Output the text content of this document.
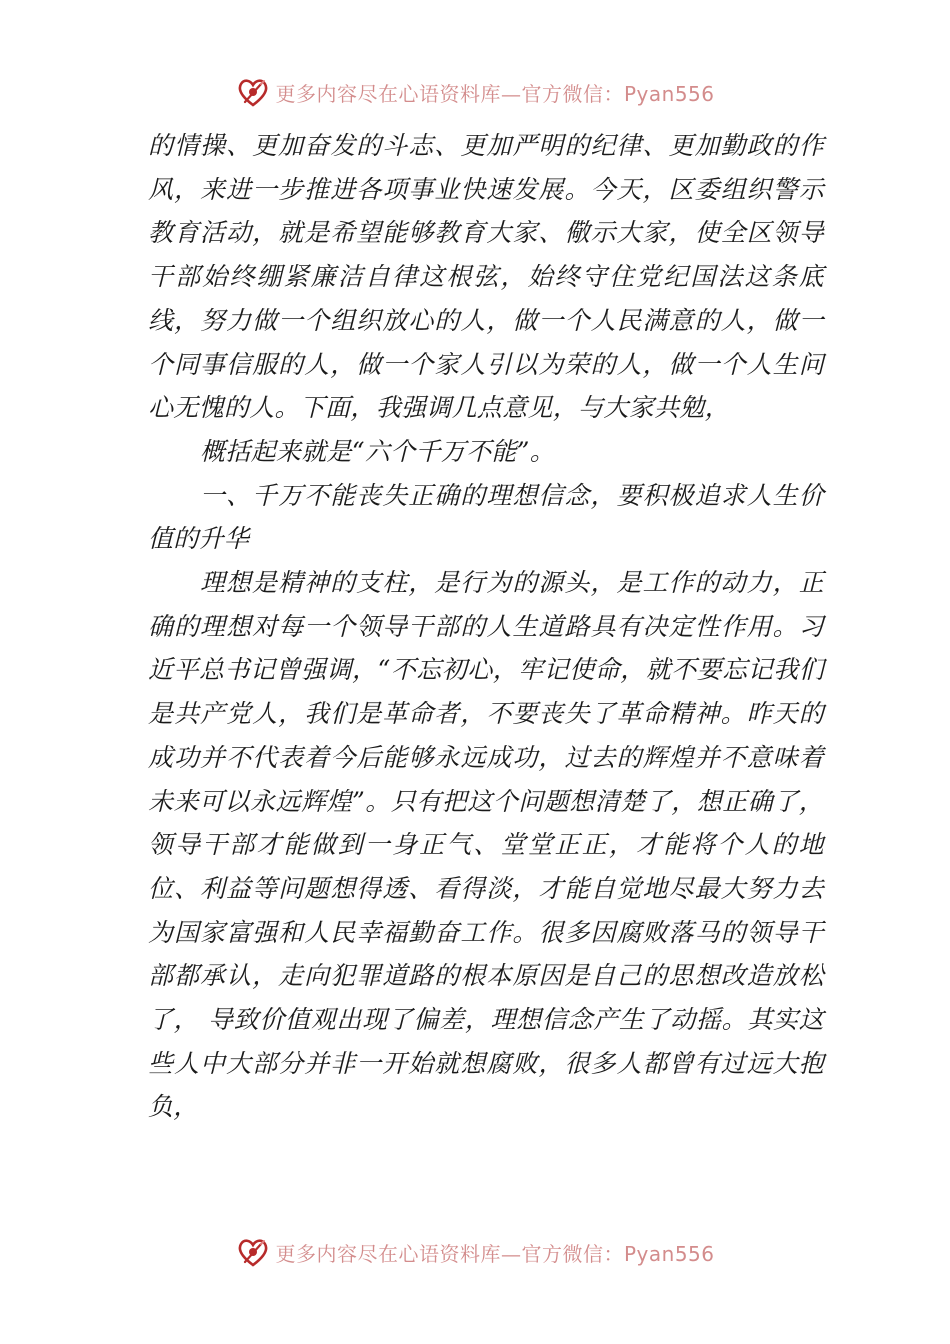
更多内容尽在心语资料库—官方微信：Pyan556

的情操、更加奋发的斗志、更加严明的纪律、更加勤政的作风，来进一步推进各项事业快速发展。今天，区委组织警示教育活动，就是希望能够教育大家、儆示大家，使全区领导干部始终绷紧廉洁自律这根弦，始终守住党纪国法这条底线，努力做一个组织放心的人，做一个人民满意的人，做一个同事信服的人，做一个家人引以为荣的人，做一个人生问心无愧的人。下面，我强调几点意见，与大家共勉，

概括起来就是“六个千万不能”。

一、千万不能丧失正确的理想信念，要积极追求人生价值的升华

理想是精神的支柱，是行为的源头，是工作的动力，正确的理想对每一个领导干部的人生道路具有决定性作用。习近平总书记曾强调，“不忘初心，牢记使命，就不要忘记我们是共产党人，我们是革命者，不要丧失了革命精神。昨天的成功并不代表着今后能够永远成功，过去的辉煌并不意味着未来可以永远辉煌”。只有把这个问题想清楚了，想正确了， 领导干部才能做到一身正气、堂堂正正，才能将个人的地位、利益等问题想得透、看得淡，才能自觉地尽最大努力去为国家富强和人民幸福勤奋工作。很多因腐败落马的领导干部都承认，走向犯罪道路的根本原因是自己的思想改造放松了， 导致价值观出现了偏差，理想信念产生了动摇。其实这些人中大部分并非一开始就想腐败，很多人都曾有过远大抱负，

更多内容尽在心语资料库—官方微信：Pyan556
